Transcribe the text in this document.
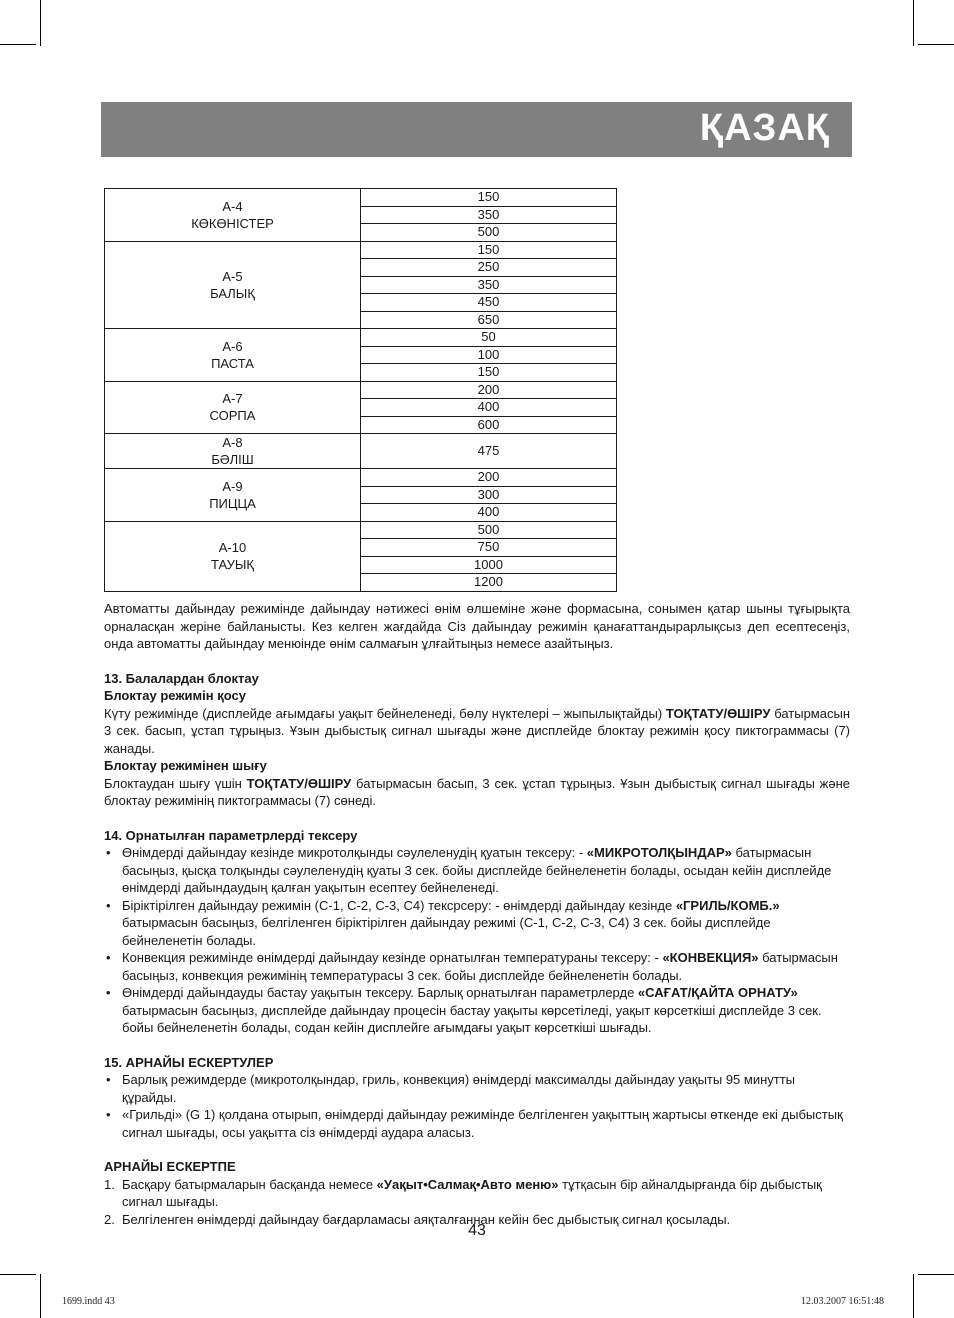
ҚАЗАҚ
А-4
КӨКӨНІСТЕР	150
	350
	500

А-5
БАЛЫҚ	150
	250
	350
	450
	650

А-6
ПАСТА	50
	100
	150

А-7
СОРПА	200
	400
	600

А-8
БӘЛІШ	475

А-9
ПИЦЦА	200
	300
	400

А-10
ТАУЫҚ	500
	750
	1000
	1200

Автоматты дайындау режимінде дайындау нәтижесі өнім өлшеміне және формасына, сонымен қатар шыны тұғырықта орналасқан жеріне байланысты. Кез келген жағдайда Сіз дайындау режимін қанағаттандырарлықсыз деп есептесеңіз, онда автоматты дайындау менюінде өнім салмағын ұлғайтыңыз немесе азайтыңыз.

13. Балалардан блоктау

Блоктау режимін қосу

Күту режимінде (дисплейде ағымдағы уақыт бейнеленеді, бөлу нүктелері – жыпылықтайды) ТОҚТАТУ/ӨШІРУ батырмасын 3 сек. басып, ұстап тұрыңыз. Ұзын дыбыстық сигнал шығады және дисплейде блоктау режимін қосу пиктограммасы (7) жанады.

Блоктау режимінен шығу

Блоктаудан шығу үшін ТОҚТАТУ/ӨШІРУ батырмасын басып, 3 сек. ұстап тұрыңыз. Ұзын дыбыстық сигнал шығады және блоктау режимінің пиктограммасы (7) сөнеді.

14. Орнатылған параметрлерді тексеру

• Өнімдерді дайындау кезінде микротолқынды сәулеленудің қуатын тексеру: - «МИКРОТОЛҚЫНДАР» батырмасын басыңыз, қысқа толқынды сәулеленудің қуаты 3 сек. бойы дисплейде бейнеленетін болады, осыдан кейін дисплейде өнімдерді дайындаудың қалған уақытын есептеу бейнеленеді.
• Біріктірілген дайындау режимін (С-1, С-2, С-3, С4) тексрсеру: - өнімдерді дайындау кезінде «ГРИЛЬ/КОМБ.» батырмасын басыңыз, белгіленген біріктірілген дайындау режимі (С-1, С-2, С-3, С4) 3 сек. бойы дисплейде бейнеленетін болады.
• Конвекция режимінде өнімдерді дайындау кезінде орнатылған температураны тексеру: - «КОНВЕКЦИЯ» батырмасын басыңыз, конвекция режимінің температурасы 3 сек. бойы дисплейде бейнеленетін болады.
• Өнімдерді дайындауды бастау уақытын тексеру. Барлық орнатылған параметрлерде «САҒАТ/ҚАЙТА ОРНАТУ» батырмасын басыңыз, дисплейде дайындау процесін бастау уақыты көрсетіледі, уақыт көрсеткіші дисплейде 3 сек. бойы бейнеленетін болады, содан кейін дисплейге ағымдағы уақыт көрсеткіші шығады.

15. АРНАЙЫ ЕСКЕРТУЛЕР

• Барлық режимдерде (микротолқындар, гриль, конвекция) өнімдерді максималды дайындау уақыты 95 минутты құрайды.
• «Грильді» (G 1) қолдана отырып, өнімдерді дайындау режимінде белгіленген уақыттың жартысы өткенде екі дыбыстық сигнал шығады, осы уақытта сіз өнімдерді аудара аласыз.

АРНАЙЫ ЕСКЕРТПЕ

1. Басқару батырмаларын басқанда немесе «Уақыт•Салмақ•Авто меню» тұтқасын бір айналдырғанда бір дыбыстық сигнал шығады.
2. Белгіленген өнімдерді дайындау бағдарламасы аяқталғаннан кейін бес дыбыстық сигнал қосылады.
43
1699.indd 43	12.03.2007 16:51:48
